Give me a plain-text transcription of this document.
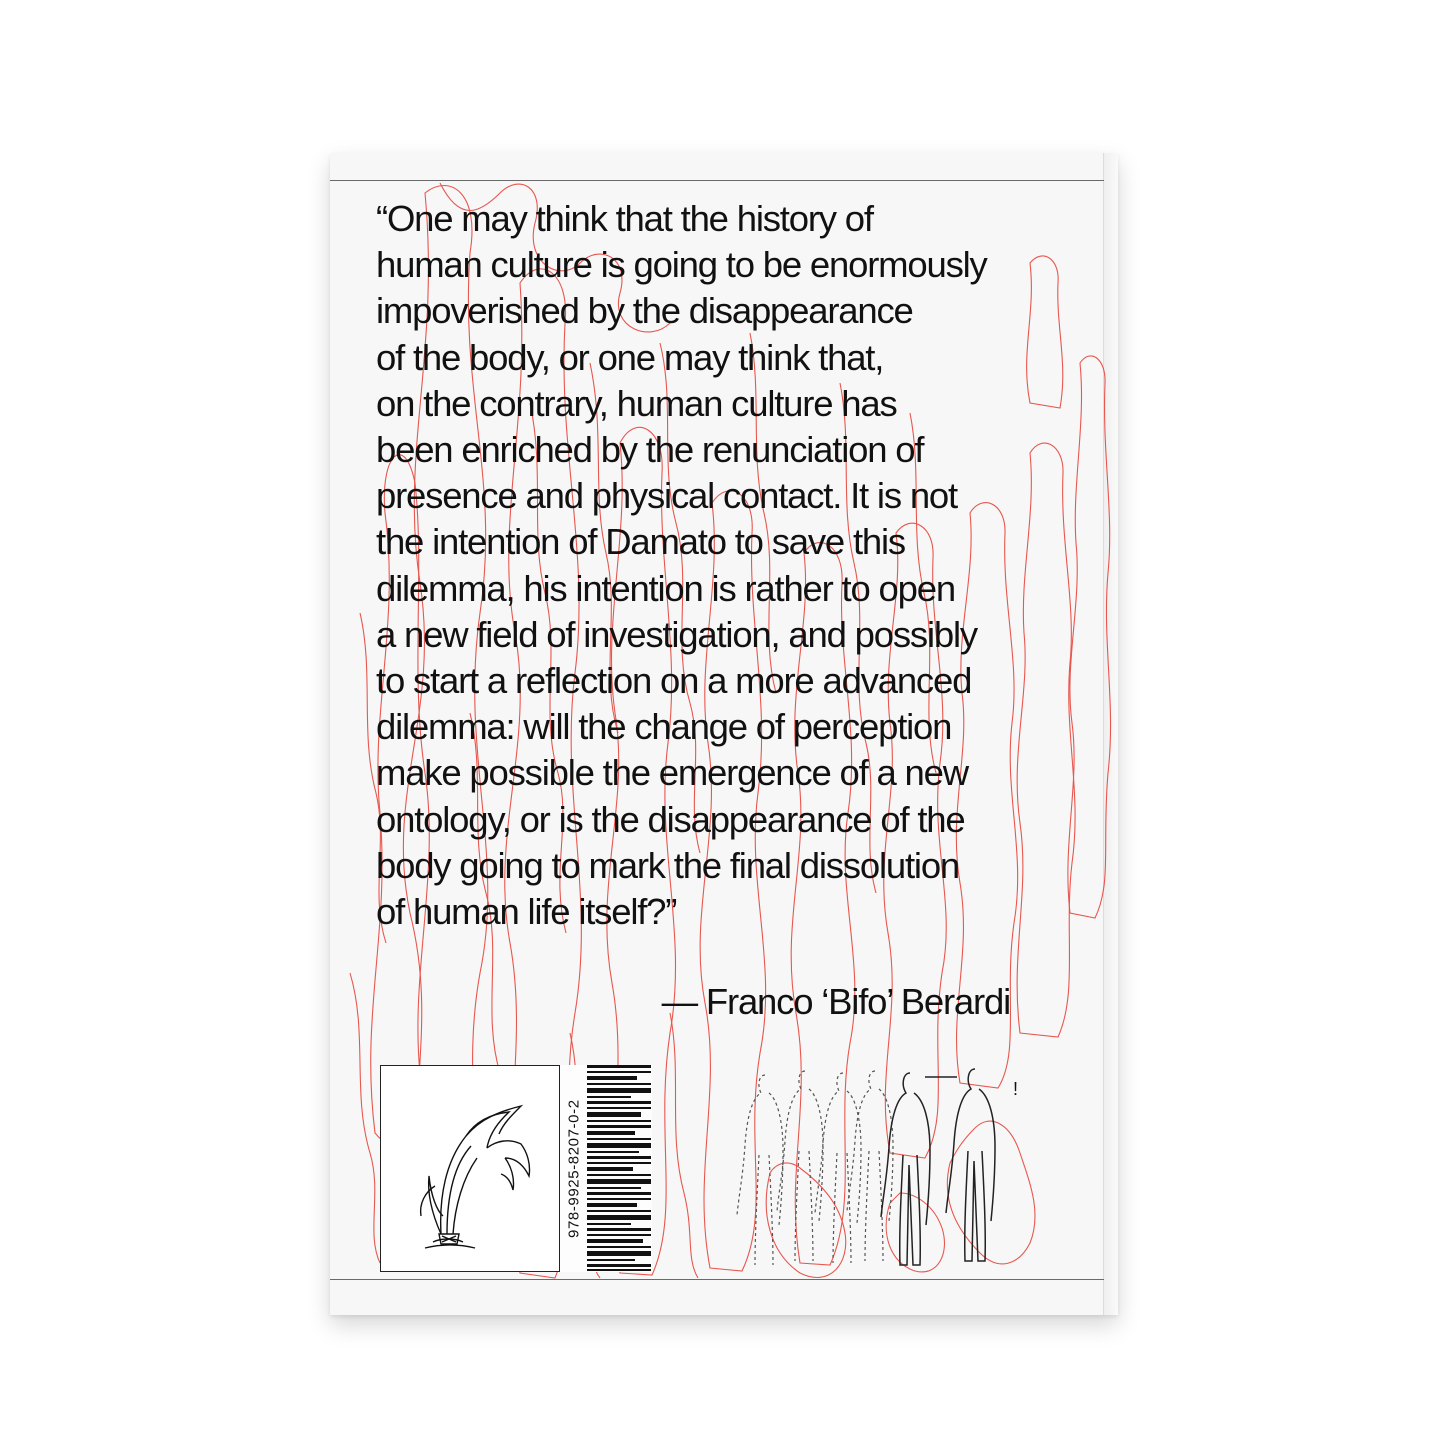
“One may think that the history of
human culture is going to be enormously
impoverished by the disappearance
of the body, or one may think that,
on the contrary, human culture has
been enriched by the renunciation of
presence and physical contact. It is not
the intention of Damato to save this
dilemma, his intention is rather to open
a new field of investigation, and possibly
to start a reflection on a more advanced
dilemma: will the change of perception
make possible the emergence of a new
ontology, or is the disappearance of the
body going to mark the final dissolution
of human life itself?”

— Franco ‘Bifo’ Berardi
978-9925-8207-0-2
!
